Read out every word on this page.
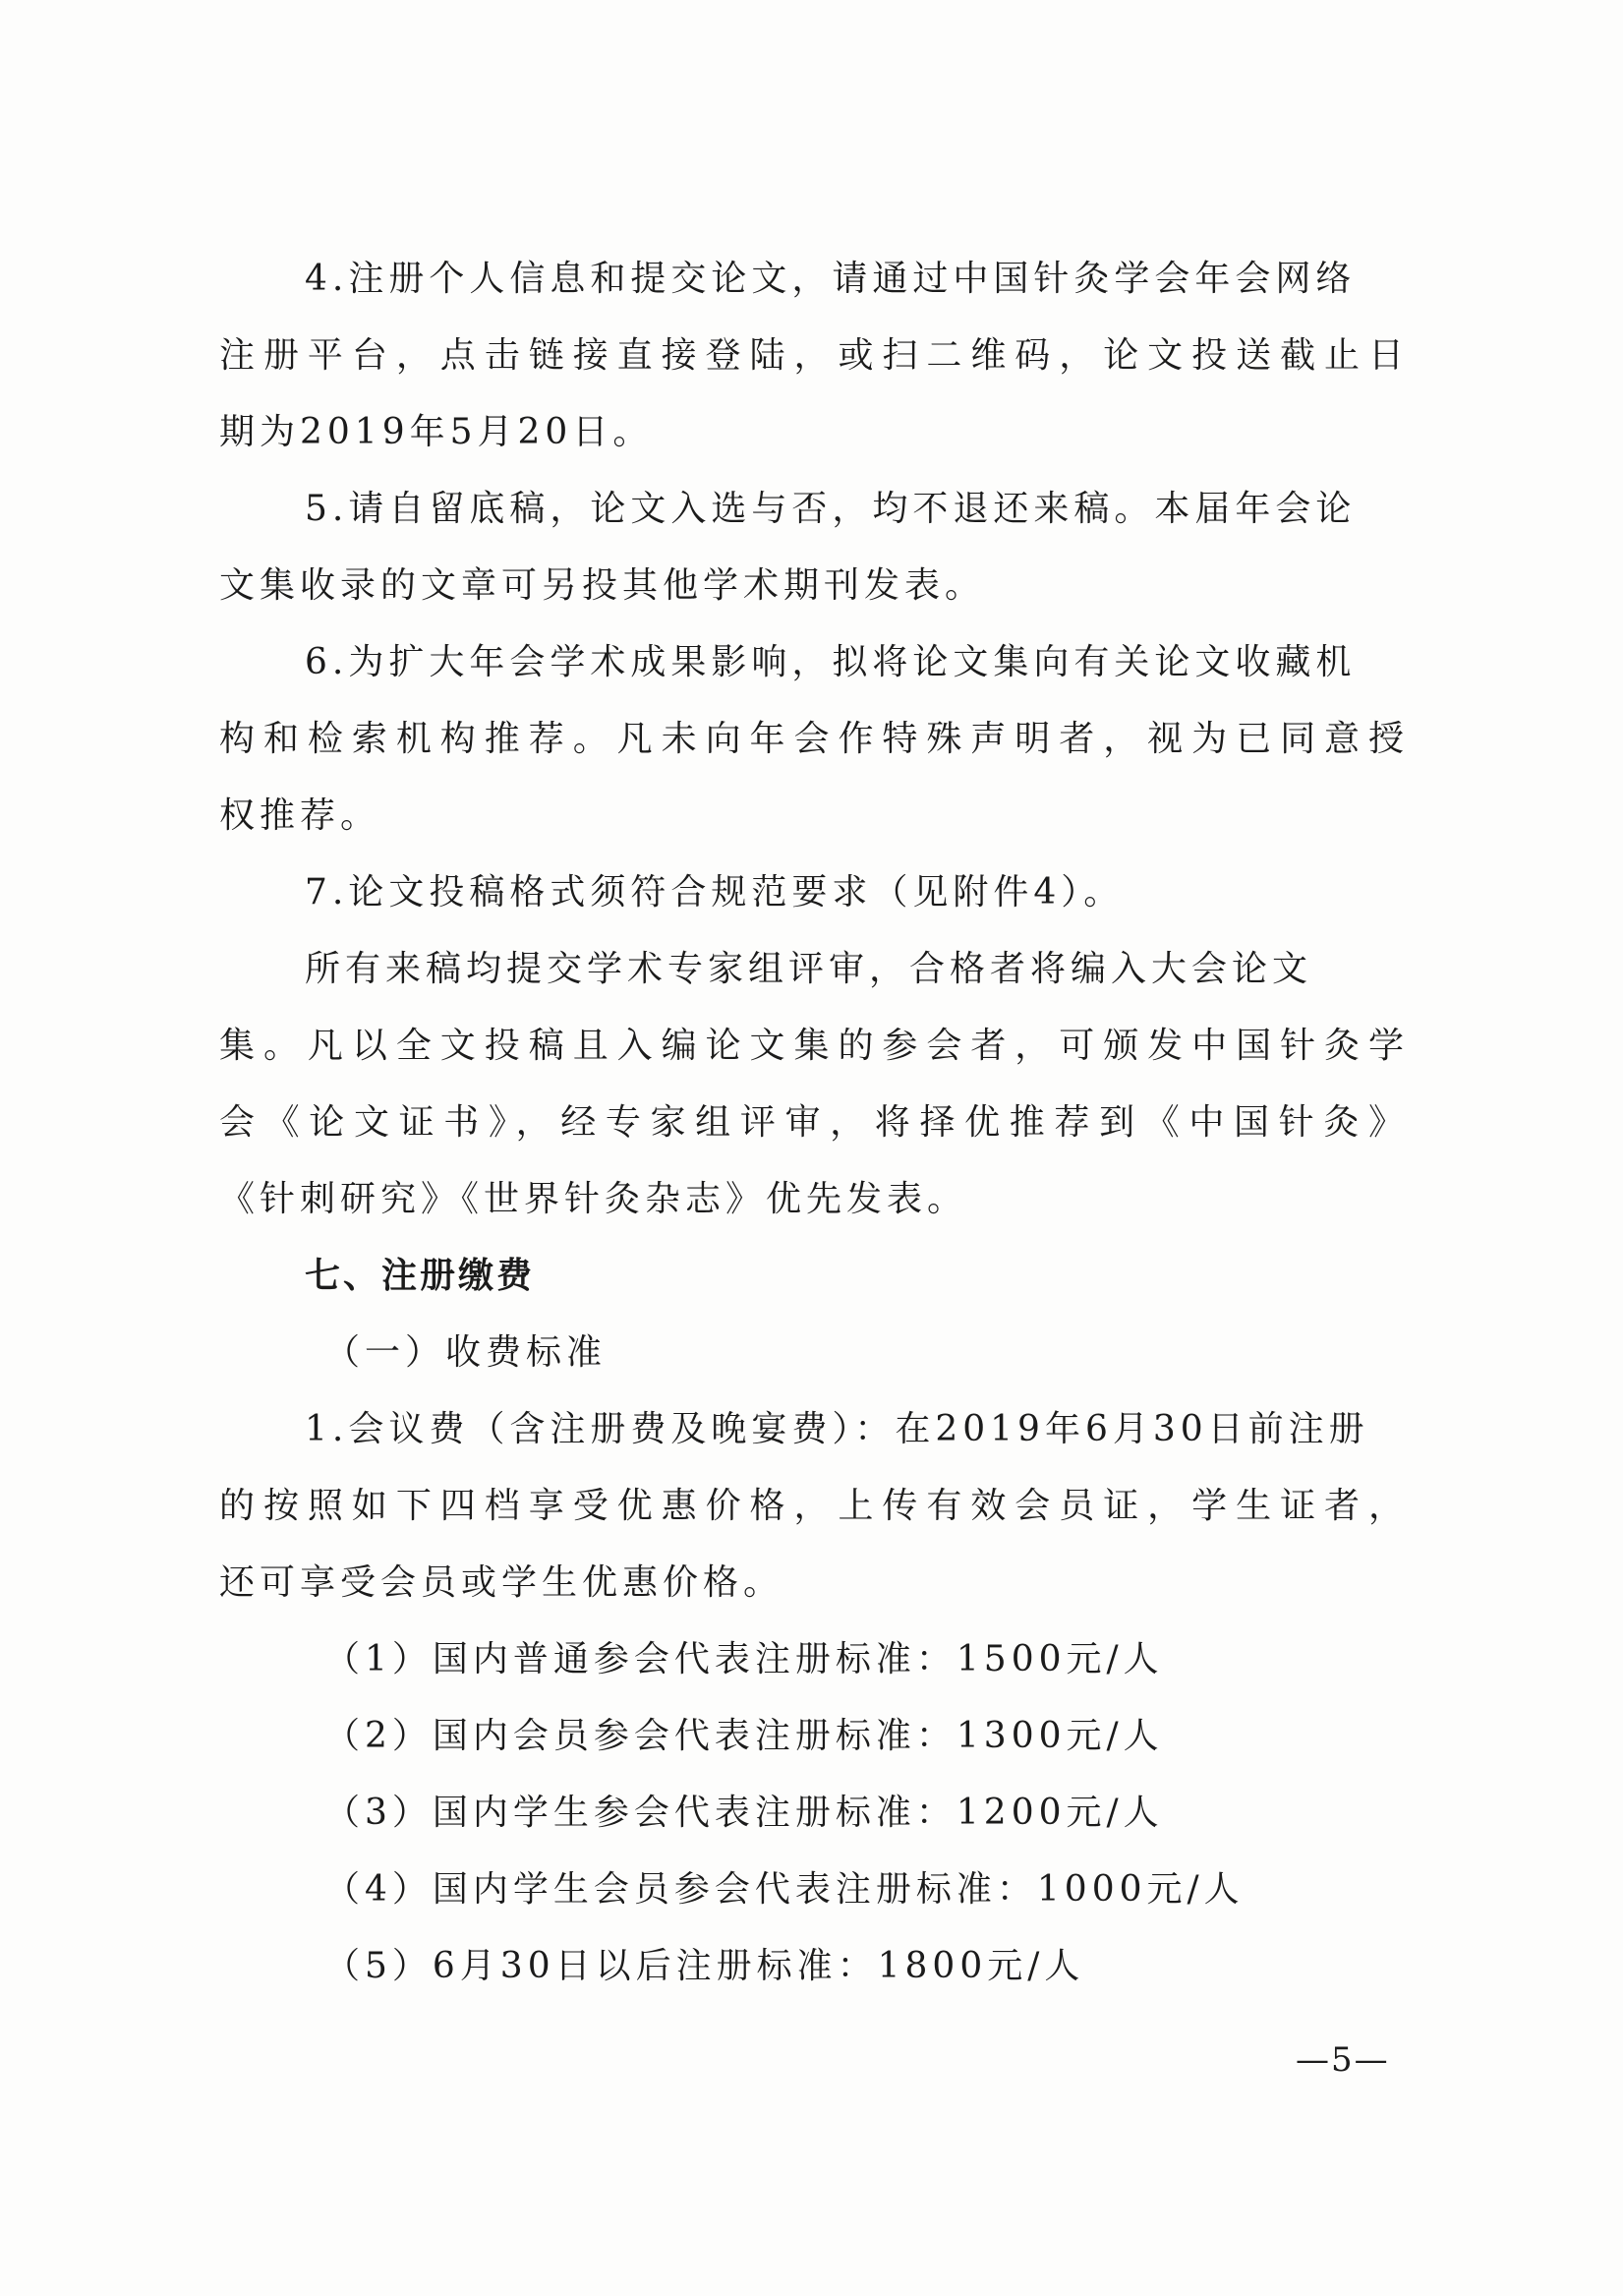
4.注册个人信息和提交论文，请通过中国针灸学会年会网络
注册平台，点击链接直接登陆，或扫二维码，论文投送截止日
期为2019年5月20日。
5.请自留底稿，论文入选与否，均不退还来稿。本届年会论
文集收录的文章可另投其他学术期刊发表。
6.为扩大年会学术成果影响，拟将论文集向有关论文收藏机
构和检索机构推荐。凡未向年会作特殊声明者，视为已同意授
权推荐。
7.论文投稿格式须符合规范要求（见附件4）。
所有来稿均提交学术专家组评审，合格者将编入大会论文
集。凡以全文投稿且入编论文集的参会者，可颁发中国针灸学
会《论文证书》，经专家组评审，将择优推荐到《中国针灸》
《针刺研究》《世界针灸杂志》优先发表。
七、注册缴费
（一）收费标准
1.会议费（含注册费及晚宴费）：在2019年6月30日前注册
的按照如下四档享受优惠价格，上传有效会员证，学生证者，
还可享受会员或学生优惠价格。
（1）国内普通参会代表注册标准：1500元/人
（2）国内会员参会代表注册标准：1300元/人
（3）国内学生参会代表注册标准：1200元/人
（4）国内学生会员参会代表注册标准：1000元/人
（5）6月30日以后注册标准：1800元/人
—5—
